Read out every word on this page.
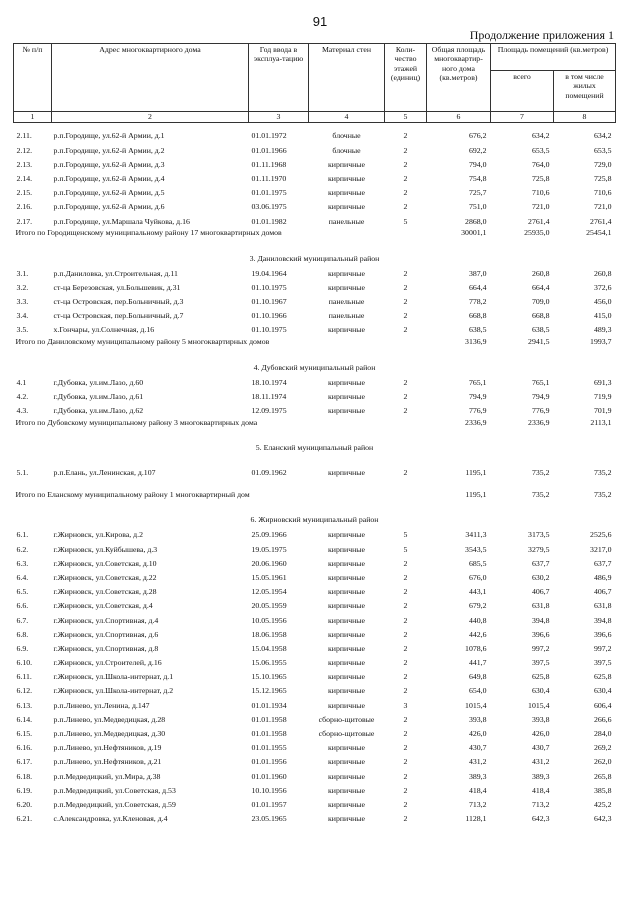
91
Продолжение приложения 1
№ п/п	Адрес многоквартирного дома	Год ввода в эксплуа-тацию	Материал стен	Коли-чество этажей (единиц)	Общая площадь многоквартир-ного дома (кв.метров)	Площадь помещений (кв.метров)	
						всего	в том числе жилых помещений
1	2	3	4	5	6	7	8

2.11.	р.п.Городище, ул.62-й Армии, д.1	01.01.1972	блочные	2	676,2	634,2	634,2
2.12.	р.п.Городище, ул.62-й Армии, д.2	01.01.1966	блочные	2	692,2	653,5	653,5
2.13.	р.п.Городище, ул.62-й Армии, д.3	01.11.1968	кирпичные	2	794,0	764,0	729,0
2.14.	р.п.Городище, ул.62-й Армии, д.4	01.11.1970	кирпичные	2	754,8	725,8	725,8
2.15.	р.п.Городище, ул.62-й Армии, д.5	01.01.1975	кирпичные	2	725,7	710,6	710,6
2.16.	р.п.Городище, ул.62-й Армии, д.6	03.06.1975	кирпичные	2	751,0	721,0	721,0
2.17.	р.п.Городище, ул.Маршала Чуйкова, д.16	01.01.1982	панельные	5	2868,0	2761,4	2761,4
Итого по Городищенскому муниципальному району 17 многоквартирных домов					30001,1	25935,0	25454,1
3. Даниловский муниципальный район							
3.1.	р.п.Даниловка, ул.Строительная, д.11	19.04.1964	кирпичные	2	387,0	260,8	260,8
3.2.	ст-ца Березовская, ул.Большевик, д.31	01.10.1975	кирпичные	2	664,4	664,4	372,6
3.3.	ст-ца Островская, пер.Больничный, д.3	01.10.1967	панельные	2	778,2	709,0	456,0
3.4.	ст-ца Островская, пер.Больничный, д.7	01.10.1966	панельные	2	668,8	668,8	415,0
3.5.	х.Гончары, ул.Солнечная, д.16	01.10.1975	кирпичные	2	638,5	638,5	489,3
Итого по Даниловскому муниципальному району 5 многоквартирных домов					3136,9	2941,5	1993,7
4. Дубовский муниципальный район							
4.1	г.Дубовка, ул.им.Лазо, д.60	18.10.1974	кирпичные	2	765,1	765,1	691,3
4.2.	г.Дубовка, ул.им.Лазо, д.61	18.11.1974	кирпичные	2	794,9	794,9	719,9
4.3.	г.Дубовка, ул.им.Лазо, д.62	12.09.1975	кирпичные	2	776,9	776,9	701,9
Итого по Дубовскому муниципальному району 3 многоквартирных дома					2336,9	2336,9	2113,1
5. Еланский муниципальный район							

5.1.	р.п.Елань, ул.Ленинская, д.107	01.09.1962	кирпичные	2	1195,1	735,2	735,2

Итого по Еланскому муниципальному району 1 многоквартирный дом					1195,1	735,2	735,2
6. Жирновский муниципальный район							
6.1.	г.Жирновск, ул.Кирова, д.2	25.09.1966	кирпичные	5	3411,3	3173,5	2525,6
6.2.	г.Жирновск, ул.Куйбышева, д.3	19.05.1975	кирпичные	5	3543,5	3279,5	3217,0
6.3.	г.Жирновск, ул.Советская, д.10	20.06.1960	кирпичные	2	685,5	637,7	637,7
6.4.	г.Жирновск, ул.Советская, д.22	15.05.1961	кирпичные	2	676,0	630,2	486,9
6.5.	г.Жирновск, ул.Советская, д.28	12.05.1954	кирпичные	2	443,1	406,7	406,7
6.6.	г.Жирновск, ул.Советская, д.4	20.05.1959	кирпичные	2	679,2	631,8	631,8
6.7.	г.Жирновск, ул.Спортивная, д.4	10.05.1956	кирпичные	2	440,8	394,8	394,8
6.8.	г.Жирновск, ул.Спортивная, д.6	18.06.1958	кирпичные	2	442,6	396,6	396,6
6.9.	г.Жирновск, ул.Спортивная, д.8	15.04.1958	кирпичные	2	1078,6	997,2	997,2
6.10.	г.Жирновск, ул.Строителей, д.16	15.06.1955	кирпичные	2	441,7	397,5	397,5
6.11.	г.Жирновск, ул.Школа-интернат, д.1	15.10.1965	кирпичные	2	649,8	625,8	625,8
6.12.	г.Жирновск, ул.Школа-интернат, д.2	15.12.1965	кирпичные	2	654,0	630,4	630,4
6.13.	р.п.Линево, ул.Ленина, д.147	01.01.1934	кирпичные	3	1015,4	1015,4	606,4
6.14.	р.п.Линево, ул.Медведицкая, д.28	01.01.1958	сборно-щитовые	2	393,8	393,8	266,6
6.15.	р.п.Линево, ул.Медведицкая, д.30	01.01.1958	сборно-щитовые	2	426,0	426,0	284,0
6.16.	р.п.Линево, ул.Нефтяников, д.19	01.01.1955	кирпичные	2	430,7	430,7	269,2
6.17.	р.п.Линево, ул.Нефтяников, д.21	01.01.1956	кирпичные	2	431,2	431,2	262,0
6.18.	р.п.Медведицкий, ул.Мира, д.38	01.01.1960	кирпичные	2	389,3	389,3	265,8
6.19.	р.п.Медведицкий, ул.Советская, д.53	10.10.1956	кирпичные	2	418,4	418,4	385,8
6.20.	р.п.Медведицкий, ул.Советская, д.59	01.01.1957	кирпичные	2	713,2	713,2	425,2
6.21.	с.Александровка, ул.Кленовая, д.4	23.05.1965	кирпичные	2	1128,1	642,3	642,3
